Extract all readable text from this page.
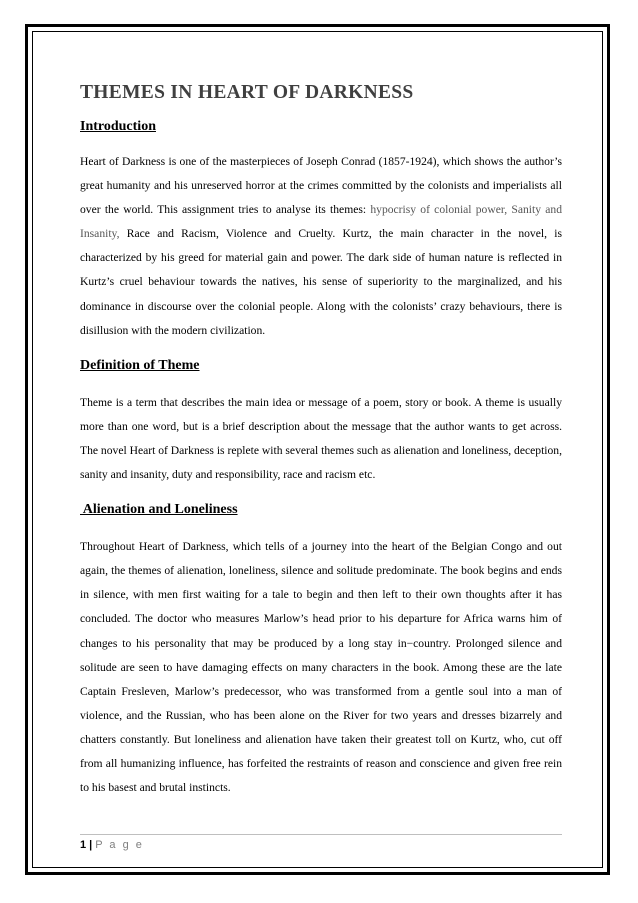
THEMES IN HEART OF DARKNESS
Introduction

Heart of Darkness is one of the masterpieces of Joseph Conrad (1857-1924), which shows the author’s great humanity and his unreserved horror at the crimes committed by the colonists and imperialists all over the world. This assignment tries to analyse its themes: hypocrisy of colonial power, Sanity and Insanity, Race and Racism, Violence and Cruelty. Kurtz, the main character in the novel, is characterized by his greed for material gain and power. The dark side of human nature is reflected in Kurtz’s cruel behaviour towards the natives, his sense of superiority to the marginalized, and his dominance in discourse over the colonial people. Along with the colonists’ crazy behaviours, there is disillusion with the modern civilization.

Definition of Theme

Theme is a term that describes the main idea or message of a poem, story or book. A theme is usually more than one word, but is a brief description about the message that the author wants to get across. The novel Heart of Darkness is replete with several themes such as alienation and loneliness, deception, sanity and insanity, duty and responsibility, race and racism etc.

Alienation and Loneliness

Throughout Heart of Darkness, which tells of a journey into the heart of the Belgian Congo and out again, the themes of alienation, loneliness, silence and solitude predominate. The book begins and ends in silence, with men first waiting for a tale to begin and then left to their own thoughts after it has concluded. The doctor who measures Marlow’s head prior to his departure for Africa warns him of changes to his personality that may be produced by a long stay in−country. Prolonged silence and solitude are seen to have damaging effects on many characters in the book. Among these are the late Captain Fresleven, Marlow’s predecessor, who was transformed from a gentle soul into a man of violence, and the Russian, who has been alone on the River for two years and dresses bizarrely and chatters constantly. But loneliness and alienation have taken their greatest toll on Kurtz, who, cut off from all humanizing influence, has forfeited the restraints of reason and conscience and given free rein to his basest and brutal instincts.

1 | P a g e
